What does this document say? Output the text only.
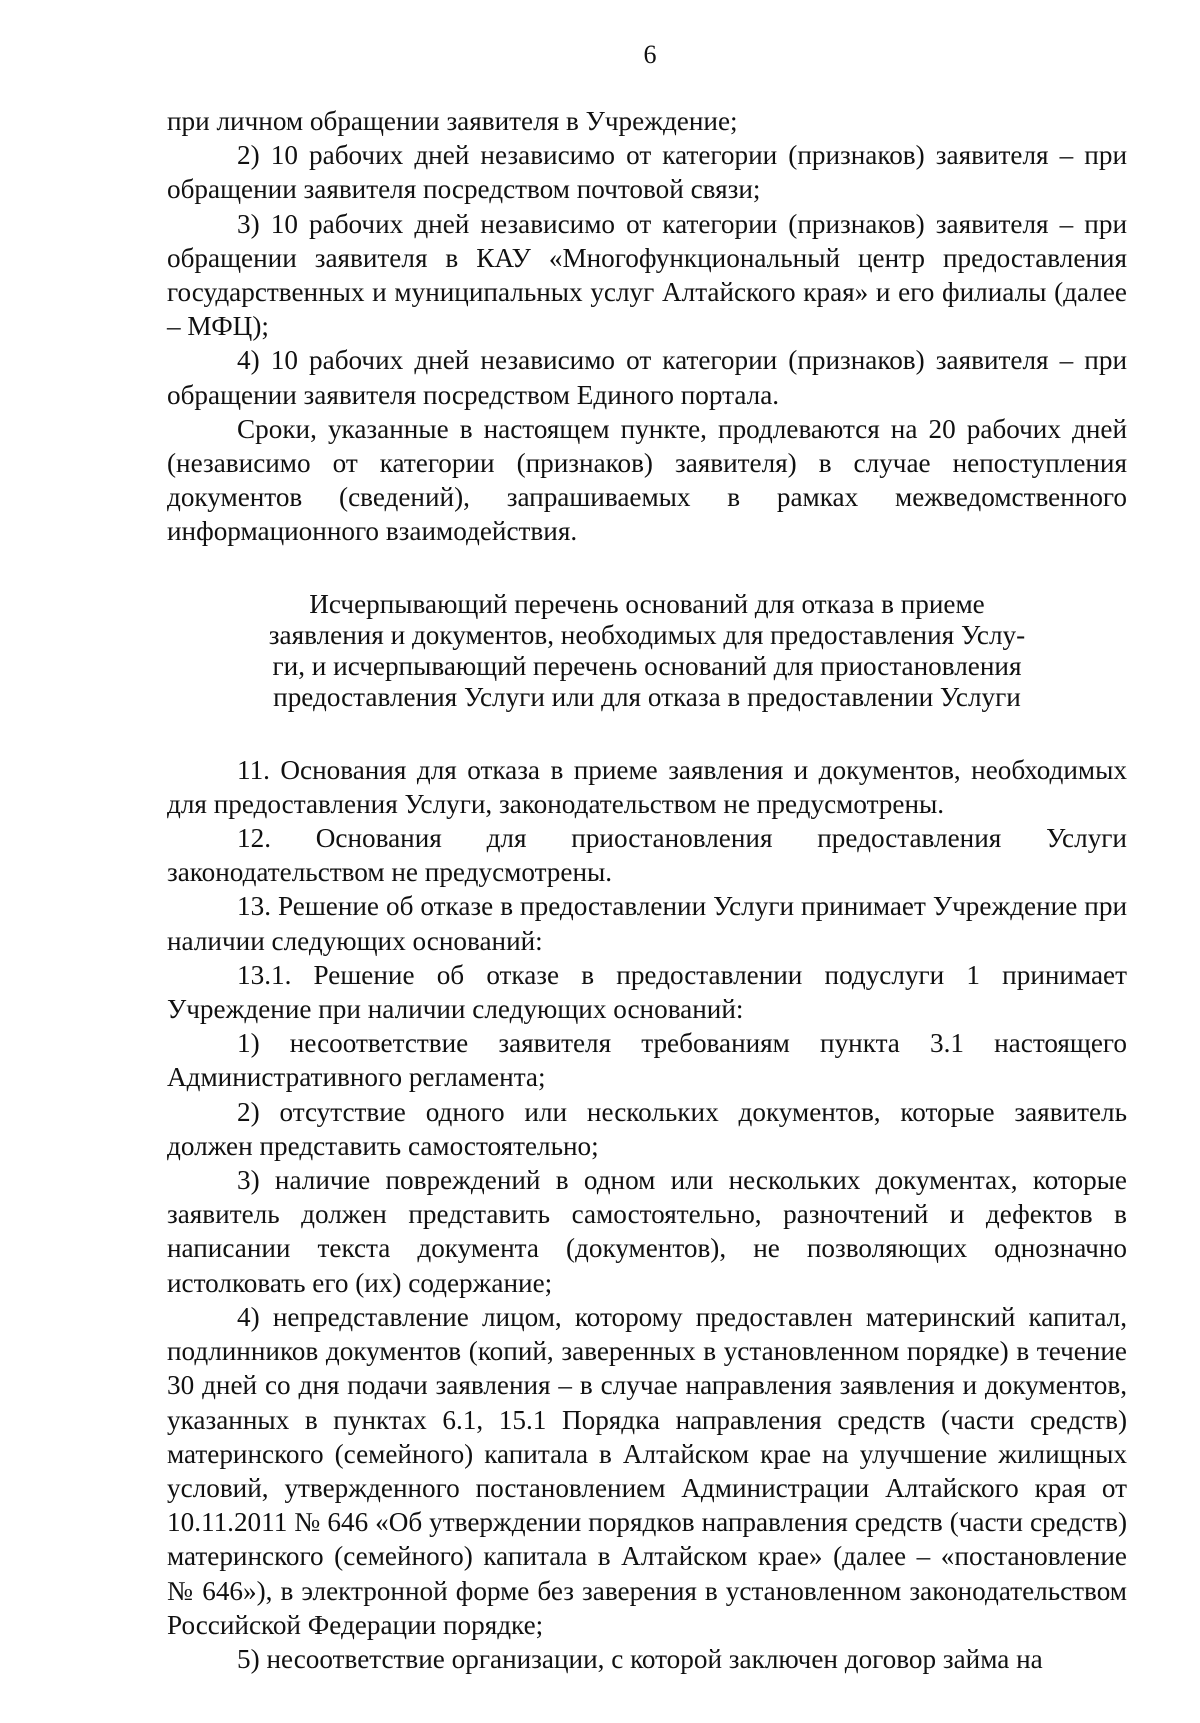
6

при личном обращении заявителя в Учреждение;

2) 10 рабочих дней независимо от категории (признаков) заявителя – при обращении заявителя посредством почтовой связи;

3) 10 рабочих дней независимо от категории (признаков) заявителя – при обращении заявителя в КАУ «Многофункциональный центр предоставления государственных и муниципальных услуг Алтайского края» и его филиалы (далее – МФЦ);

4) 10 рабочих дней независимо от категории (признаков) заявителя – при обращении заявителя посредством Единого портала.

Сроки, указанные в настоящем пункте, продлеваются на 20 рабочих дней (независимо от категории (признаков) заявителя) в случае непоступления документов (сведений), запрашиваемых в рамках межведомственного информационного взаимодействия.

Исчерпывающий перечень оснований для отказа в приеме
заявления и документов, необходимых для предоставления Услу-
ги, и исчерпывающий перечень оснований для приостановления
предоставления Услуги или для отказа в предоставлении Услуги

11. Основания для отказа в приеме заявления и документов, необходимых для предоставления Услуги, законодательством не предусмотрены.

12. Основания для приостановления предоставления Услуги законодательством не предусмотрены.

13. Решение об отказе в предоставлении Услуги принимает Учреждение при наличии следующих оснований:

13.1. Решение об отказе в предоставлении подуслуги 1 принимает Учреждение при наличии следующих оснований:

1) несоответствие заявителя требованиям пункта 3.1 настоящего Административного регламента;

2) отсутствие одного или нескольких документов, которые заявитель должен представить самостоятельно;

3) наличие повреждений в одном или нескольких документах, которые заявитель должен представить самостоятельно, разночтений и дефектов в написании текста документа (документов), не позволяющих однозначно истолковать его (их) содержание;

4) непредставление лицом, которому предоставлен материнский капитал, подлинников документов (копий, заверенных в установленном порядке) в течение 30 дней со дня подачи заявления – в случае направления заявления и документов, указанных в пунктах 6.1, 15.1 Порядка направления средств (части средств) материнского (семейного) капитала в Алтайском крае на улучшение жилищных условий, утвержденного постановлением Администрации Алтайского края от 10.11.2011 № 646 «Об утверждении порядков направления средств (части средств) материнского (семейного) капитала в Алтайском крае» (далее – «постановление № 646»), в электронной форме без заверения в установленном законодательством Российской Федерации порядке;

5) несоответствие организации, с которой заключен договор займа на
